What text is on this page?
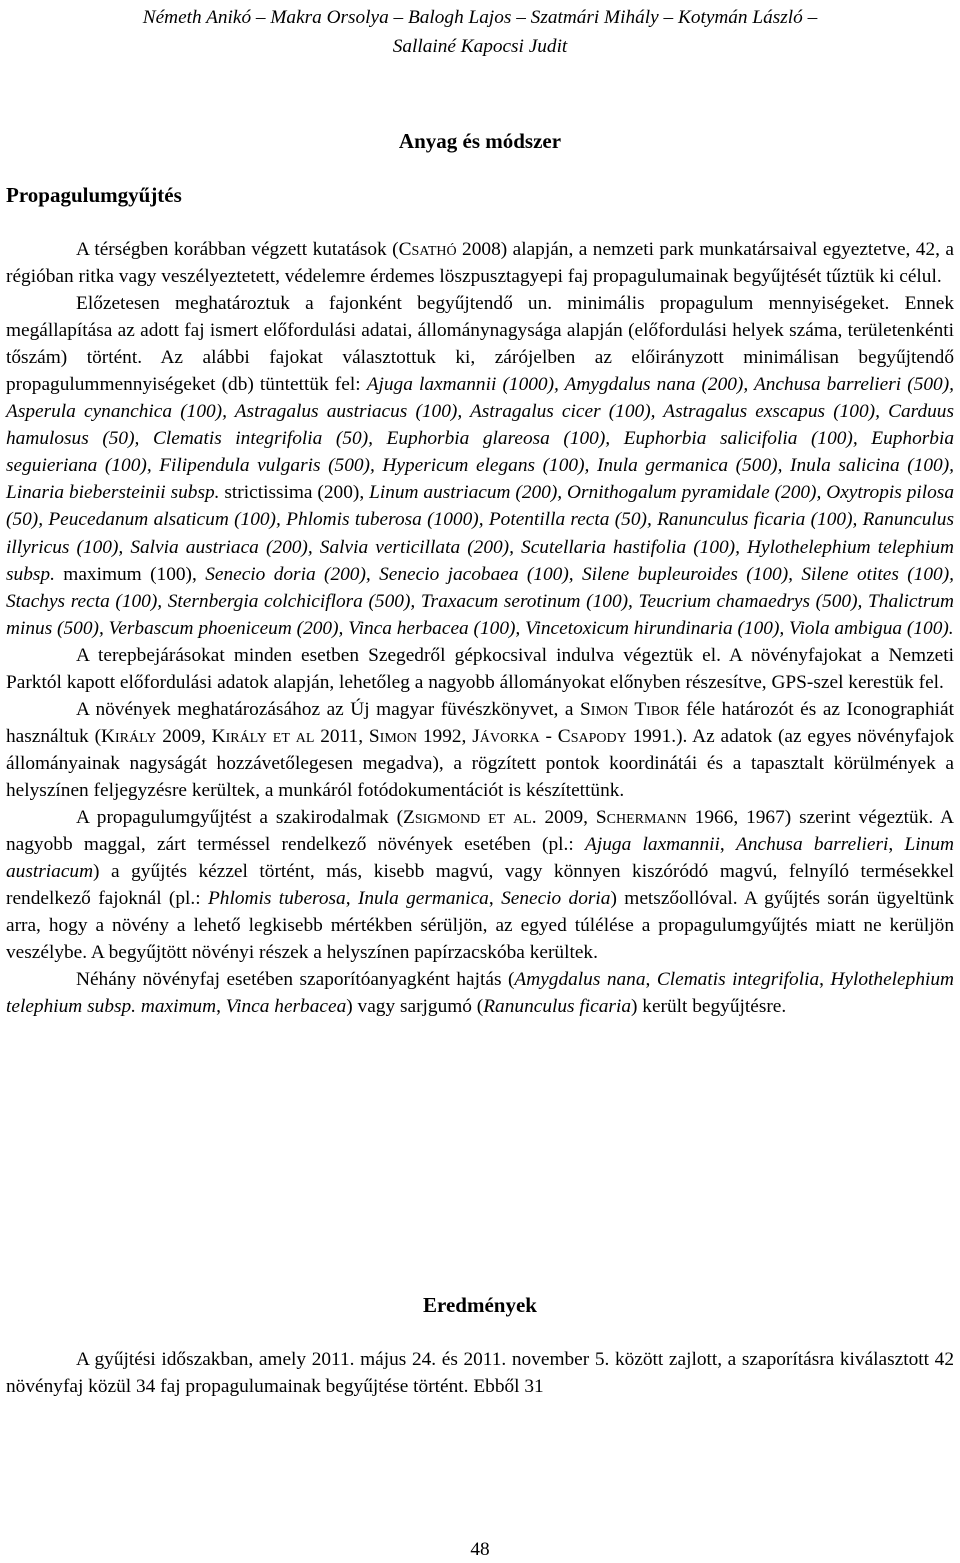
Németh Anikó – Makra Orsolya – Balogh Lajos – Szatmári Mihály – Kotymán László –
Sallainé Kapocsi Judit
Anyag és módszer
Propagulumgyűjtés

A térségben korábban végzett kutatások (Csathó 2008) alapján, a nemzeti park munkatársaival egyeztetve, 42, a régióban ritka vagy veszélyeztetett, védelemre érdemes löszpusztagyepi faj propagulumainak begyűjtését tűztük ki célul.

Előzetesen meghatároztuk a fajonként begyűjtendő un. minimális propagulum mennyiségeket. Ennek megállapítása az adott faj ismert előfordulási adatai, állománynagysága alapján (előfordulási helyek száma, területenkénti tőszám) történt. Az alábbi fajokat választottuk ki, zárójelben az előirányzott minimálisan begyűjtendő propagulummennyiségeket (db) tüntettük fel: Ajuga laxmannii (1000), Amygdalus nana (200), Anchusa barrelieri (500), Asperula cynanchica (100), Astragalus austriacus (100), Astragalus cicer (100), Astragalus exscapus (100), Carduus hamulosus (50), Clematis integrifolia (50), Euphorbia glareosa (100), Euphorbia salicifolia (100), Euphorbia seguieriana (100), Filipendula vulgaris (500), Hypericum elegans (100), Inula germanica (500), Inula salicina (100), Linaria biebersteinii subsp. strictissima (200), Linum austriacum (200), Ornithogalum pyramidale (200), Oxytropis pilosa (50), Peucedanum alsaticum (100), Phlomis tuberosa (1000), Potentilla recta (50), Ranunculus ficaria (100), Ranunculus illyricus (100), Salvia austriaca (200), Salvia verticillata (200), Scutellaria hastifolia (100), Hylothelephium telephium subsp. maximum (100), Senecio doria (200), Senecio jacobaea (100), Silene bupleuroides (100), Silene otites (100), Stachys recta (100), Sternbergia colchiciflora (500), Traxacum serotinum (100), Teucrium chamaedrys (500), Thalictrum minus (500), Verbascum phoeniceum (200), Vinca herbacea (100), Vincetoxicum hirundinaria (100), Viola ambigua (100).

A terepbejárásokat minden esetben Szegedről gépkocsival indulva végeztük el. A növényfajokat a Nemzeti Parktól kapott előfordulási adatok alapján, lehetőleg a nagyobb állományokat előnyben részesítve, GPS-szel kerestük fel.

A növények meghatározásához az Új magyar füvészkönyvet, a Simon Tibor féle határozót és az Iconographiát használtuk (Király 2009, Király et al 2011, Simon 1992, Jávorka - Csapody 1991.). Az adatok (az egyes növényfajok állományainak nagyságát hozzávetőlegesen megadva), a rögzített pontok koordinátái és a tapasztalt körülmények a helyszínen feljegyzésre kerültek, a munkáról fotódokumentációt is készítettünk.

A propagulumgyűjtést a szakirodalmak (Zsigmond et al. 2009, Schermann 1966, 1967) szerint végeztük. A nagyobb maggal, zárt terméssel rendelkező növények esetében (pl.: Ajuga laxmannii, Anchusa barrelieri, Linum austriacum) a gyűjtés kézzel történt, más, kisebb magvú, vagy könnyen kiszóródó magvú, felnyíló termésekkel rendelkező fajoknál (pl.: Phlomis tuberosa, Inula germanica, Senecio doria) metszőollóval. A gyűjtés során ügyeltünk arra, hogy a növény a lehető legkisebb mértékben sérüljön, az egyed túlélése a propagulumgyűjtés miatt ne kerüljön veszélybe. A begyűjtött növényi részek a helyszínen papírzacskóba kerültek.

Néhány növényfaj esetében szaporítóanyagként hajtás (Amygdalus nana, Clematis integrifolia, Hylothelephium telephium subsp. maximum, Vinca herbacea) vagy sarjgumó (Ranunculus ficaria) került begyűjtésre.

Eredmények

A gyűjtési időszakban, amely 2011. május 24. és 2011. november 5. között zajlott, a szaporításra kiválasztott 42 növényfaj közül 34 faj propagulumainak begyűjtése történt. Ebből 31

48
